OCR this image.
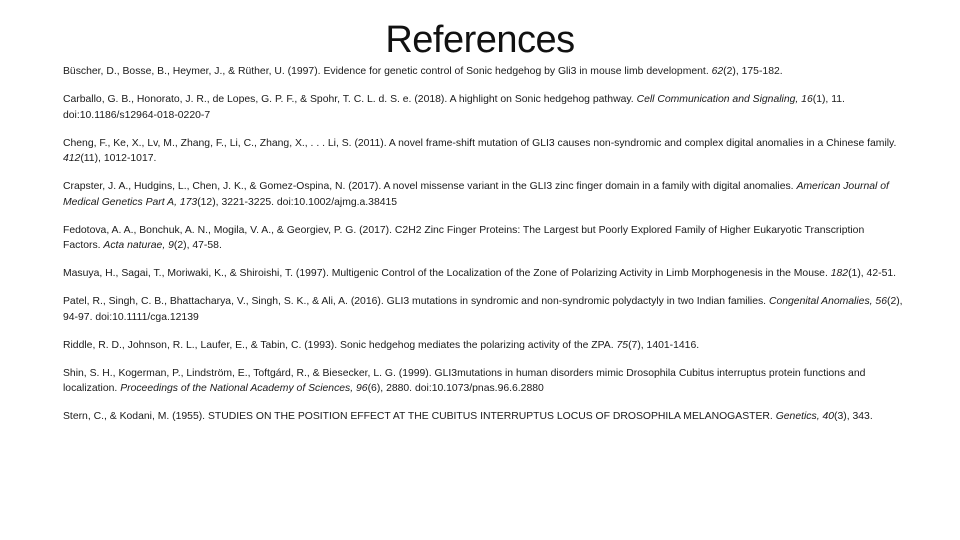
References

Büscher, D., Bosse, B., Heymer, J., & Rüther, U. (1997). Evidence for genetic control of Sonic hedgehog by Gli3 in mouse limb development. 62(2), 175-182.

Carballo, G. B., Honorato, J. R., de Lopes, G. P. F., & Spohr, T. C. L. d. S. e. (2018). A highlight on Sonic hedgehog pathway. Cell Communication and Signaling, 16(1), 11. doi:10.1186/s12964-018-0220-7

Cheng, F., Ke, X., Lv, M., Zhang, F., Li, C., Zhang, X., . . . Li, S. (2011). A novel frame-shift mutation of GLI3 causes non-syndromic and complex digital anomalies in a Chinese family. 412(11), 1012-1017.

Crapster, J. A., Hudgins, L., Chen, J. K., & Gomez-Ospina, N. (2017). A novel missense variant in the GLI3 zinc finger domain in a family with digital anomalies. American Journal of Medical Genetics Part A, 173(12), 3221-3225. doi:10.1002/ajmg.a.38415

Fedotova, A. A., Bonchuk, A. N., Mogila, V. A., & Georgiev, P. G. (2017). C2H2 Zinc Finger Proteins: The Largest but Poorly Explored Family of Higher Eukaryotic Transcription Factors. Acta naturae, 9(2), 47-58.

Masuya, H., Sagai, T., Moriwaki, K., & Shiroishi, T. (1997). Multigenic Control of the Localization of the Zone of Polarizing Activity in Limb Morphogenesis in the Mouse. 182(1), 42-51.

Patel, R., Singh, C. B., Bhattacharya, V., Singh, S. K., & Ali, A. (2016). GLI3 mutations in syndromic and non-syndromic polydactyly in two Indian families. Congenital Anomalies, 56(2), 94-97. doi:10.1111/cga.12139

Riddle, R. D., Johnson, R. L., Laufer, E., & Tabin, C. (1993). Sonic hedgehog mediates the polarizing activity of the ZPA. 75(7), 1401-1416.

Shin, S. H., Kogerman, P., Lindström, E., Toftgárd, R., & Biesecker, L. G. (1999). GLI3mutations in human disorders mimic Drosophila Cubitus interruptus protein functions and localization. Proceedings of the National Academy of Sciences, 96(6), 2880. doi:10.1073/pnas.96.6.2880

Stern, C., & Kodani, M. (1955). STUDIES ON THE POSITION EFFECT AT THE CUBITUS INTERRUPTUS LOCUS OF DROSOPHILA MELANOGASTER. Genetics, 40(3), 343.
